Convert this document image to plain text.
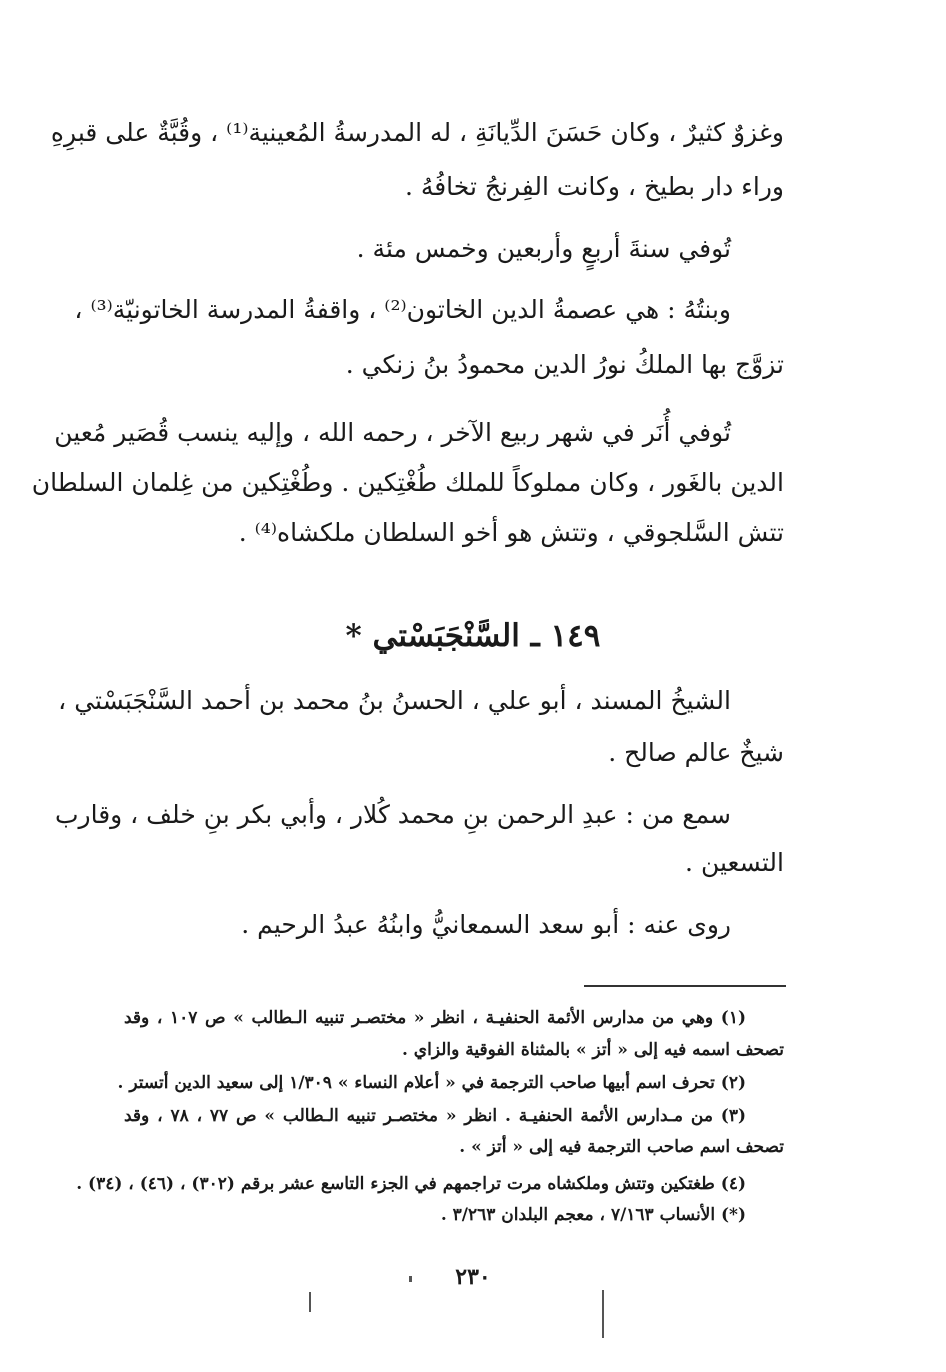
وغزوٌ كثيرٌ ، وكان حَسَنَ الدِّيانَةِ ، له المدرسةُ المُعينية⁽¹⁾ ، وقُبَّةٌ على قبرِهِ
وراء دار بطيخ ، وكانت الفِرنجُ تخافُهُ .
تُوفي سنةَ أربعٍ وأربعين وخمس مئة .
وبنتُهُ : هي عصمةُ الدين الخاتون⁽²⁾ ، واقفةُ المدرسة الخاتونيّة⁽³⁾ ،
تزوَّج بها الملكُ نورُ الدين محمودُ بنُ زنكي .
تُوفي أُنَر في شهر ربيع الآخر ، رحمه الله ، وإليه ينسب قُصَير مُعين
الدين بالغَور ، وكان مملوكاً للملك طُغْتِكين . وطُغْتِكين من غِلمان السلطان
تتش السَّلجوقي ، وتتش هو أخو السلطان ملكشاه⁽⁴⁾ .
١٤٩ ـ السَّنْجَبَسْتي *
الشيخُ المسند ، أبو علي ، الحسنُ بنُ محمد بن أحمد السَّنْجَبَسْتي ،
شيخٌ عالم صالح .
سمع من : عبدِ الرحمن بنِ محمد كُلار ، وأبي بكر بنِ خلف ، وقارب
التسعين .
روى عنه : أبو سعد السمعانيُّ وابنُهُ عبدُ الرحيم .
(١) وهي من مدارس الأئمة الحنفيـة ، انظر « مختصـر تنبيه الـطالب » ص ١٠٧ ، وقد
تصحف اسمه فيه إلى « أتز » بالمثناة الفوقية والزاي .
(٢) تحرف اسم أبيها صاحب الترجمة في « أعلام النساء » ١/٣٠٩ إلى سعيد الدين أتستر .
(٣) من مـدارس الأئمة الحنفيـة . انظر « مختصـر تنبيه الـطالب » ص ٧٧ ، ٧٨ ، وقد
تصحف اسم صاحب الترجمة فيه إلى « أتز » .
(٤) طغتكين وتتش وملكشاه مرت تراجمهم في الجزء التاسع عشر برقم (٣٠٢) ، (٤٦) ، (٣٤) .
(*) الأنساب ٧/١٦٣ ، معجم البلدان ٣/٢٦٣ .
٢٣٠
